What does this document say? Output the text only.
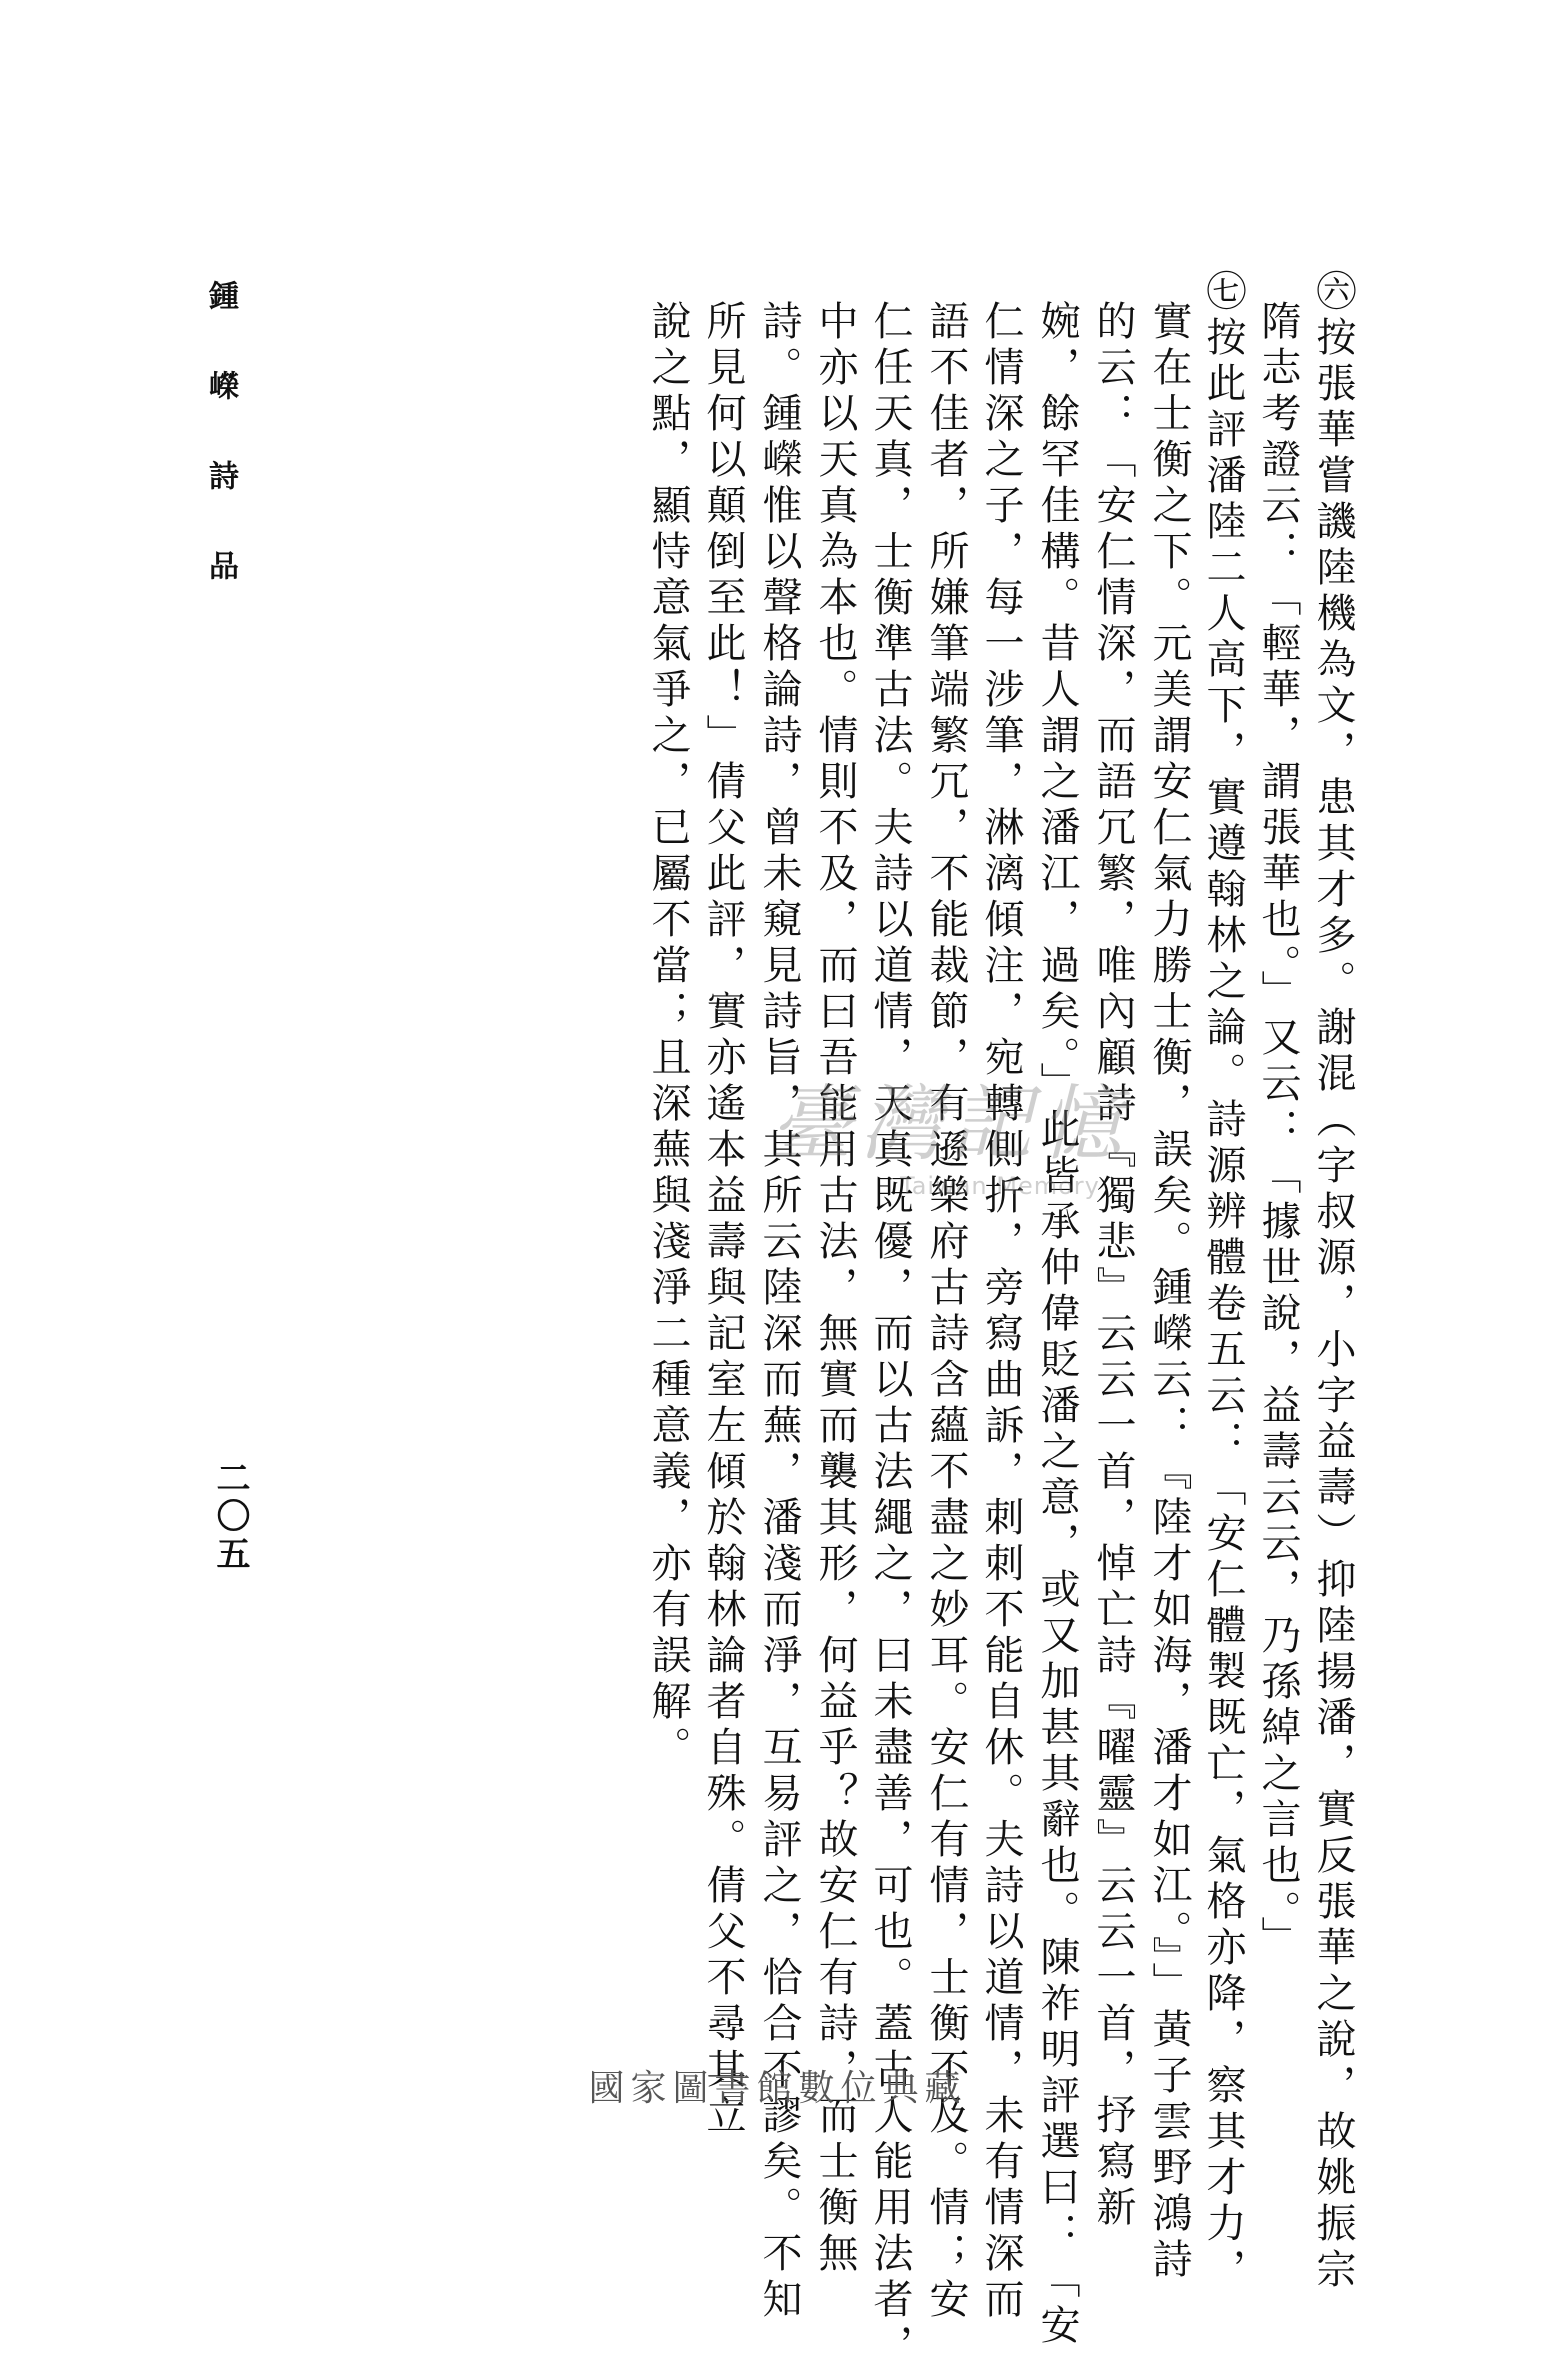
㊅按張華嘗譏陸機為文，患其才多。謝混（字叔源，小字益壽）抑陸揚潘，實反張華之說，故姚振宗
隋志考證云：「輕華，謂張華也。」又云：「據世說，益壽云云，乃孫綽之言也。」
㊆按此評潘陸二人高下，實遵翰林之論。詩源辨體卷五云：「安仁體製既亡，氣格亦降，察其才力，
實在士衡之下。元美謂安仁氣力勝士衡，誤矣。鍾嶸云：『陸才如海，潘才如江。』」黃子雲野鴻詩
的云：「安仁情深，而語冗繁，唯內顧詩『獨悲』云云一首，悼亡詩『曜靈』云云一首，抒寫新
婉，餘罕佳構。昔人謂之潘江，過矣。」此皆承仲偉貶潘之意，或又加甚其辭也。陳祚明評選曰：「安
仁情深之子，每一涉筆，淋漓傾注，宛轉側折，旁寫曲訴，刺刺不能自休。夫詩以道情，未有情深而
語不佳者，所嫌筆端繁冗，不能裁節，有遜樂府古詩含蘊不盡之妙耳。安仁有情，士衡不及。情；安
仁任天真，士衡準古法。夫詩以道情，天真既優，而以古法繩之，曰未盡善，可也。蓋古人能用法者，
中亦以天真為本也。情則不及，而曰吾能用古法，無實而襲其形，何益乎？故安仁有詩，而士衡無
詩。鍾嶸惟以聲格論詩，曾未窺見詩旨，其所云陸深而蕪，潘淺而淨，互易評之，恰合不謬矣。不知
所見何以顛倒至此！」倩父此評，實亦遙本益壽與記室左傾於翰林論者自殊。倩父不尋其立
說之點，顯恃意氣爭之，已屬不當；且深蕪與淺淨二種意義，亦有誤解。
鍾嶸詩品
二〇五
臺灣記憶
Taiwan Memory
國家圖書館數位典藏
